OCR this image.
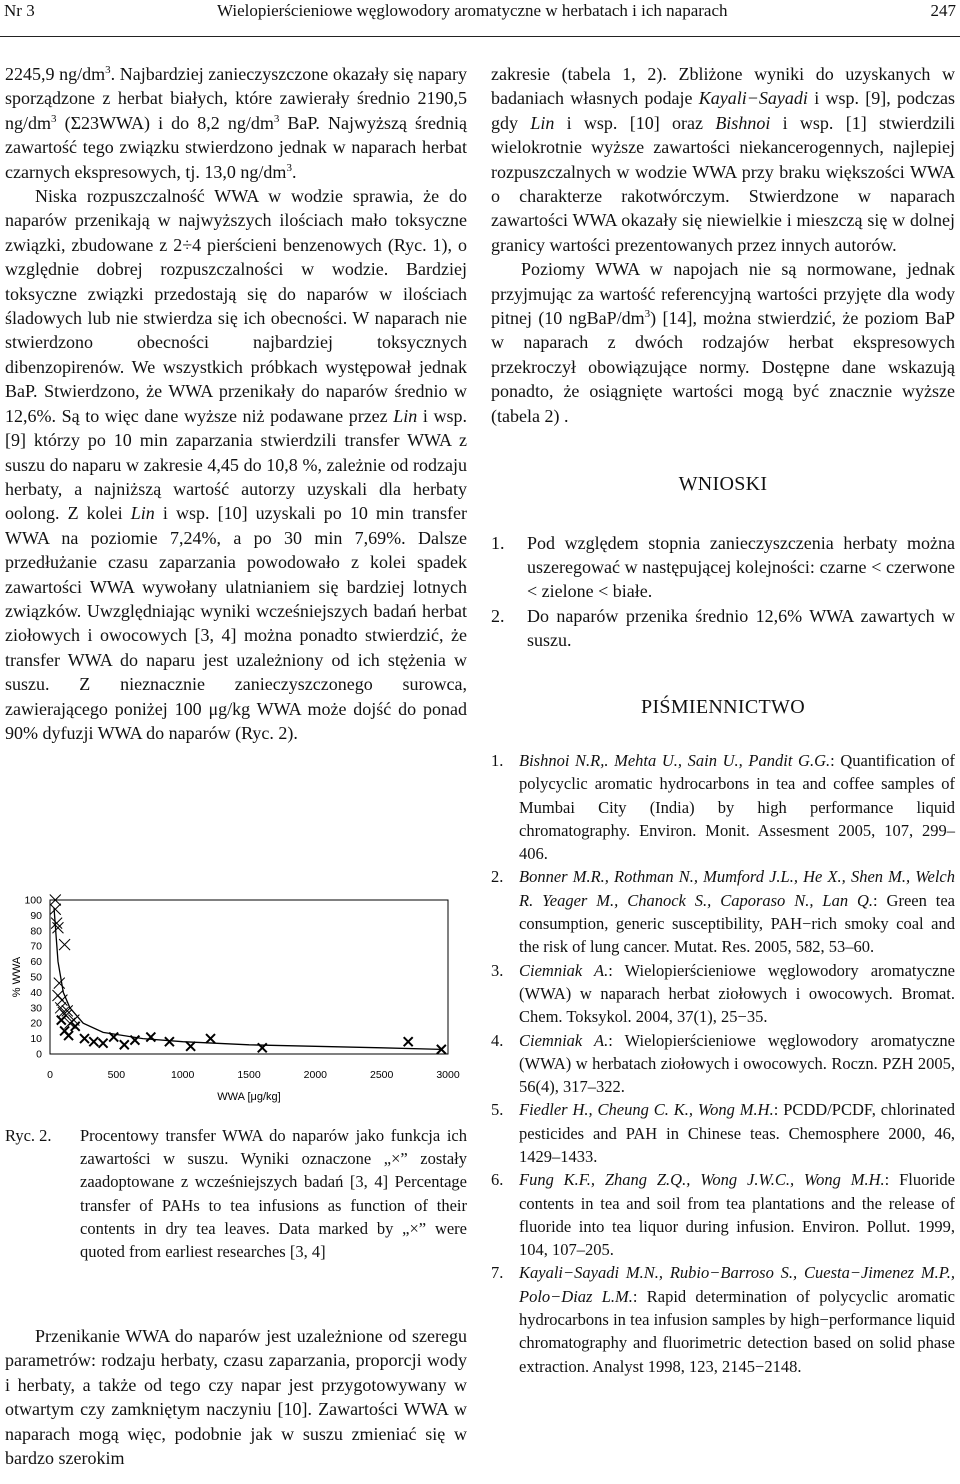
Nr 3	Wielopierścieniowe węglowodory aromatyczne w herbatach i ich naparach	247

2245,9 $ng/dm^3$. Najbardziej zanieczyszczone okazały się napary sporządzone z herbat białych, które zawierały średnio 2190,5 $ng/dm^3$ (Σ23WWA) i do 8,2 $ng/dm^3$ BaP. Najwyższą średnią zawartość tego związku stwierdzono jednak w naparach herbat czarnych ekspresowych, tj. 13,0 $ng/dm^3$.

Niska rozpuszczalność WWA w wodzie sprawia, że do naparów przenikają w najwyższych ilościach mało toksyczne związki, zbudowane z 2÷4 pierścieni benzenowych (Ryc. 1), o względnie dobrej rozpuszczalności w wodzie. Bardziej toksyczne związki przedostają się do naparów w ilościach śladowych lub nie stwierdza się ich obecności. W naparach nie stwierdzono obecności najbardziej toksycznych dibenzopirenów. We wszystkich próbkach występował jednak BaP. Stwierdzono, że WWA przenikały do naparów średnio w 12,6%. Są to więc dane wyższe niż podawane przez Lin i wsp. [9] którzy po 10 min zaparzania stwierdzili transfer WWA z suszu do naparu w zakresie 4,45 do 10,8 %, zależnie od rodzaju herbaty, a najniższą wartość autorzy uzyskali dla herbaty oolong. Z kolei Lin i wsp. [10] uzyskali po 10 min transfer WWA na poziomie 7,24%, a po 30 min 7,69%. Dalsze przedłużanie czasu zaparzania powodowało z kolei spadek zawartości WWA wywołany ulatnianiem się bardziej lotnych związków. Uwzględniając wyniki wcześniejszych badań herbat ziołowych i owocowych [3, 4] można ponadto stwierdzić, że transfer WWA do naparu jest uzależniony od ich stężenia w suszu. Z nieznacznie zanieczyszczonego surowca, zawierającego poniżej 100 μg/kg WWA może dojść do ponad 90% dyfuzji WWA do naparów (Ryc. 2).

100
90
80
70
60
50
40
30
20
10
0
0	500	1000	1500	2000	2500	3000
WWA [μg/kg]
% WWA
Ryc. 2. Procentowy transfer WWA do naparów jako funkcja ich zawartości w suszu. Wyniki oznaczone „×” zostały zaadoptowane z wcześniejszych badań [3, 4] Percentage transfer of PAHs to tea infusions as function of their contents in dry tea leaves. Data marked by „×” were quoted from earliest researches [3, 4]

Przenikanie WWA do naparów jest uzależnione od szeregu parametrów: rodzaju herbaty, czasu zaparzania, proporcji wody i herbaty, a także od tego czy napar jest przygotowywany w otwartym czy zamkniętym naczyniu [10]. Zawartości WWA w naparach mogą więc, podobnie jak w suszu zmieniać się w bardzo szerokim

zakresie (tabela 1, 2). Zbliżone wyniki do uzyskanych w badaniach własnych podaje Kayali−Sayadi i wsp. [9], podczas gdy Lin i wsp. [10] oraz Bishnoi i wsp. [1] stwierdzili wielokrotnie wyższe zawartości niekancerogennych, najlepiej rozpuszczalnych w wodzie WWA przy braku większości WWA o charakterze rakotwórczym. Stwierdzone w naparach zawartości WWA okazały się niewielkie i mieszczą się w dolnej granicy wartości prezentowanych przez innych autorów.

Poziomy WWA w napojach nie są normowane, jednak przyjmując za wartość referencyjną wartości przyjęte dla wody pitnej (10 ngBaP/$dm^3$) [14], można stwierdzić, że poziom BaP w naparach z dwóch rodzajów herbat ekspresowych przekroczył obowiązujące normy. Dostępne dane wskazują ponadto, że osiągnięte wartości mogą być znacznie wyższe (tabela 2) .

WNIOSKI
1. Pod względem stopnia zanieczyszczenia herbaty można uszeregować w następującej kolejności: czarne < czerwone < zielone < białe.
2. Do naparów przenika średnio 12,6% WWA zawartych w suszu.
PIŚMIENNICTWO
1. Bishnoi N.R,. Mehta U., Sain U., Pandit G.G.: Quantification of polycyclic aromatic hydrocarbons in tea and coffee samples of Mumbai City (India) by high performance liquid chromatography. Environ. Monit. Assesment 2005, 107, 299–406.
2. Bonner M.R., Rothman N., Mumford J.L., He X., Shen M., Welch R. Yeager M., Chanock S., Caporaso N., Lan Q.: Green tea consumption, generic susceptibility, PAH−rich smoky coal and the risk of lung cancer. Mutat. Res. 2005, 582, 53–60.
3. Ciemniak A.: Wielopierścieniowe węglowodory aromatyczne (WWA) w naparach herbat ziołowych i owocowych. Bromat. Chem. Toksykol. 2004, 37(1), 25−35.
4. Ciemniak A.: Wielopierścieniowe węglowodory aromatyczne (WWA) w herbatach ziołowych i owocowych. Roczn. PZH 2005, 56(4), 317–322.
5. Fiedler H., Cheung C. K., Wong M.H.: PCDD/PCDF, chlorinated pesticides and PAH in Chinese teas. Chemosphere 2000, 46, 1429–1433.
6. Fung K.F., Zhang Z.Q., Wong J.W.C., Wong M.H.: Fluoride contents in tea and soil from tea plantations and the release of fluoride into tea liquor during infusion. Environ. Pollut. 1999, 104, 107–205.
7. Kayali−Sayadi M.N., Rubio−Barroso S., Cuesta−Jimenez M.P., Polo−Diaz L.M.: Rapid determination of polycyclic aromatic hydrocarbons in tea infusion samples by high−performance liquid chromatography and fluorimetric detection based on solid phase extraction. Analyst 1998, 123, 2145−2148.
